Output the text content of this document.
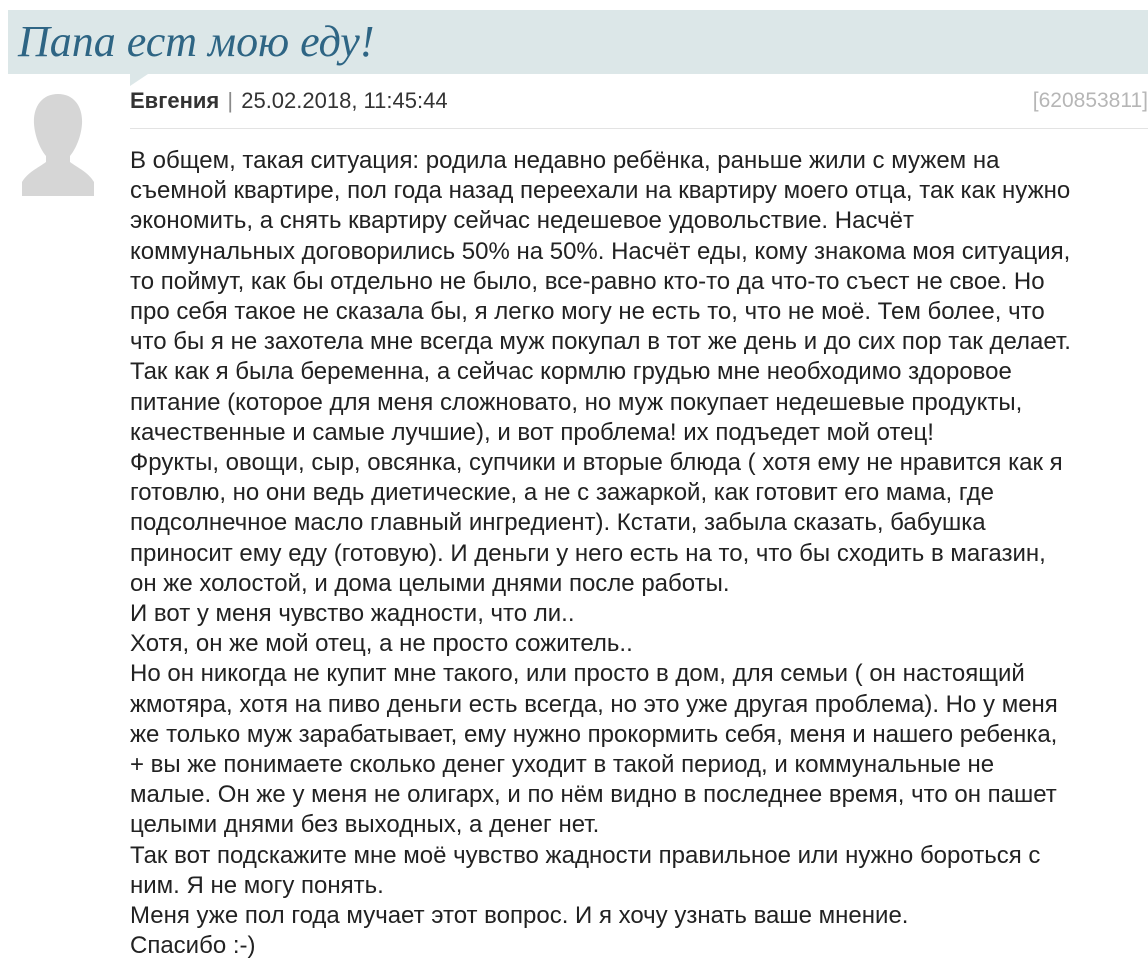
Папа ест мою еду!
Евгения | 25.02.2018, 11:45:44	[620853811]

В общем, такая ситуация: родила недавно ребёнка, раньше жили с мужем на

съемной квартире, пол года назад переехали на квартиру моего отца, так как нужно

экономить, а снять квартиру сейчас недешевое удовольствие. Насчёт

коммунальных договорились 50% на 50%. Насчёт еды, кому знакома моя ситуация,

то поймут, как бы отдельно не было, все-равно кто-то да что-то съест не свое. Но

про себя такое не сказала бы, я легко могу не есть то, что не моё. Тем более, что

что бы я не захотела мне всегда муж покупал в тот же день и до сих пор так делает.

Так как я была беременна, а сейчас кормлю грудью мне необходимо здоровое

питание (которое для меня сложновато, но муж покупает недешевые продукты,

качественные и самые лучшие), и вот проблема! их подъедет мой отец!

Фрукты, овощи, сыр, овсянка, супчики и вторые блюда ( хотя ему не нравится как я

готовлю, но они ведь диетические, а не с зажаркой, как готовит его мама, где

подсолнечное масло главный ингредиент). Кстати, забыла сказать, бабушка

приносит ему еду (готовую). И деньги у него есть на то, что бы сходить в магазин,

он же холостой, и дома целыми днями после работы.

И вот у меня чувство жадности, что ли..

Хотя, он же мой отец, а не просто сожитель..

Но он никогда не купит мне такого, или просто в дом, для семьи ( он настоящий

жмотяра, хотя на пиво деньги есть всегда, но это уже другая проблема). Но у меня

же только муж зарабатывает, ему нужно прокормить себя, меня и нашего ребенка,

+ вы же понимаете сколько денег уходит в такой период, и коммунальные не

малые. Он же у меня не олигарх, и по нём видно в последнее время, что он пашет

целыми днями без выходных, а денег нет.

Так вот подскажите мне моё чувство жадности правильное или нужно бороться с

ним. Я не могу понять.

Меня уже пол года мучает этот вопрос. И я хочу узнать ваше мнение.

Спасибо :-)
